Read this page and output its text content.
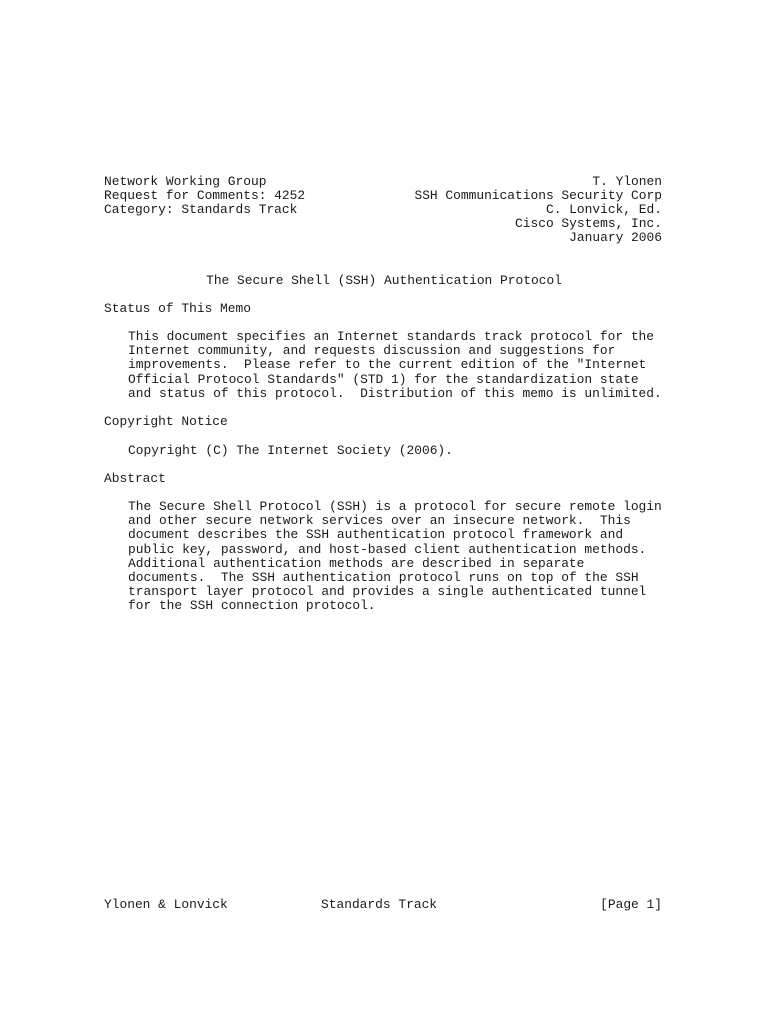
Network Working Group
Request for Comments: 4252
Category: Standards Track
T. Ylonen
SSH Communications Security Corp
C. Lonvick, Ed.
Cisco Systems, Inc.
January 2006
The Secure Shell (SSH) Authentication Protocol
Status of This Memo
This document specifies an Internet standards track protocol for the
Internet community, and requests discussion and suggestions for
improvements.  Please refer to the current edition of the "Internet
Official Protocol Standards" (STD 1) for the standardization state
and status of this protocol.  Distribution of this memo is unlimited.
Copyright Notice
Copyright (C) The Internet Society (2006).
Abstract
The Secure Shell Protocol (SSH) is a protocol for secure remote login
and other secure network services over an insecure network.  This
document describes the SSH authentication protocol framework and
public key, password, and host-based client authentication methods.
Additional authentication methods are described in separate
documents.  The SSH authentication protocol runs on top of the SSH
transport layer protocol and provides a single authenticated tunnel
for the SSH connection protocol.
Ylonen & Lonvick	Standards Track	[Page 1]
